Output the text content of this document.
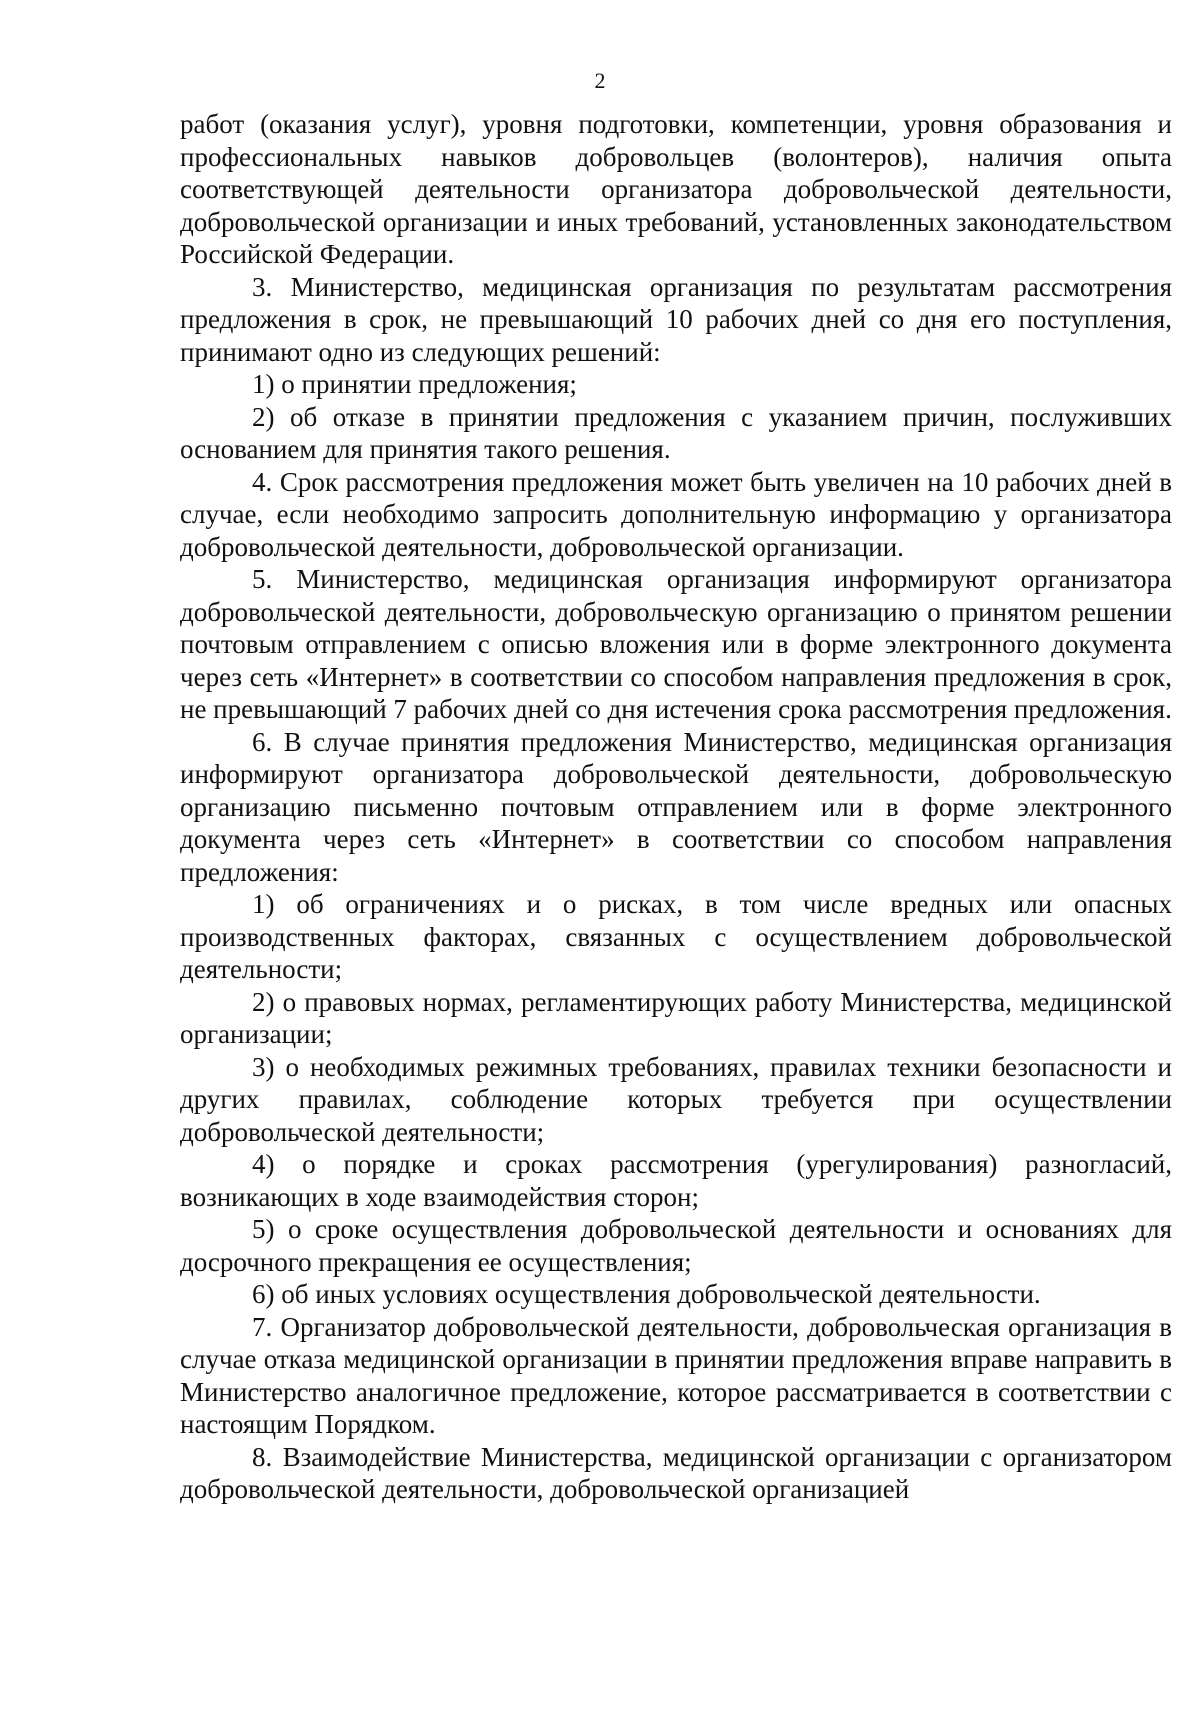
2

работ (оказания услуг), уровня подготовки, компетенции, уровня образования и профессиональных навыков добровольцев (волонтеров), наличия опыта соответствующей деятельности организатора добровольческой деятельности, добровольческой организации и иных требований, установленных законодательством Российской Федерации.

3. Министерство, медицинская организация по результатам рассмотрения предложения в срок, не превышающий 10 рабочих дней со дня его поступления, принимают одно из следующих решений:

1) о принятии предложения;

2) об отказе в принятии предложения с указанием причин, послуживших основанием для принятия такого решения.

4. Срок рассмотрения предложения может быть увеличен на 10 рабочих дней в случае, если необходимо запросить дополнительную информацию у организатора добровольческой деятельности, добровольческой организации.

5. Министерство, медицинская организация информируют организатора добровольческой деятельности, добровольческую организацию о принятом решении почтовым отправлением с описью вложения или в форме электронного документа через сеть «Интернет» в соответствии со способом направления предложения в срок, не превышающий 7 рабочих дней со дня истечения срока рассмотрения предложения.

6. В случае принятия предложения Министерство, медицинская организация информируют организатора добровольческой деятельности, добровольческую организацию письменно почтовым отправлением или в форме электронного документа через сеть «Интернет» в соответствии со способом направления предложения:

1) об ограничениях и о рисках, в том числе вредных или опасных производственных факторах, связанных с осуществлением добровольческой деятельности;

2) о правовых нормах, регламентирующих работу Министерства, медицинской организации;

3) о необходимых режимных требованиях, правилах техники безопасности и других правилах, соблюдение которых требуется при осуществлении добровольческой деятельности;

4) о порядке и сроках рассмотрения (урегулирования) разногласий, возникающих в ходе взаимодействия сторон;

5) о сроке осуществления добровольческой деятельности и основаниях для досрочного прекращения ее осуществления;

6) об иных условиях осуществления добровольческой деятельности.

7. Организатор добровольческой деятельности, добровольческая организация в случае отказа медицинской организации в принятии предложения вправе направить в Министерство аналогичное предложение, которое рассматривается в соответствии с настоящим Порядком.

8. Взаимодействие Министерства, медицинской организации с организатором добровольческой деятельности, добровольческой организацией
